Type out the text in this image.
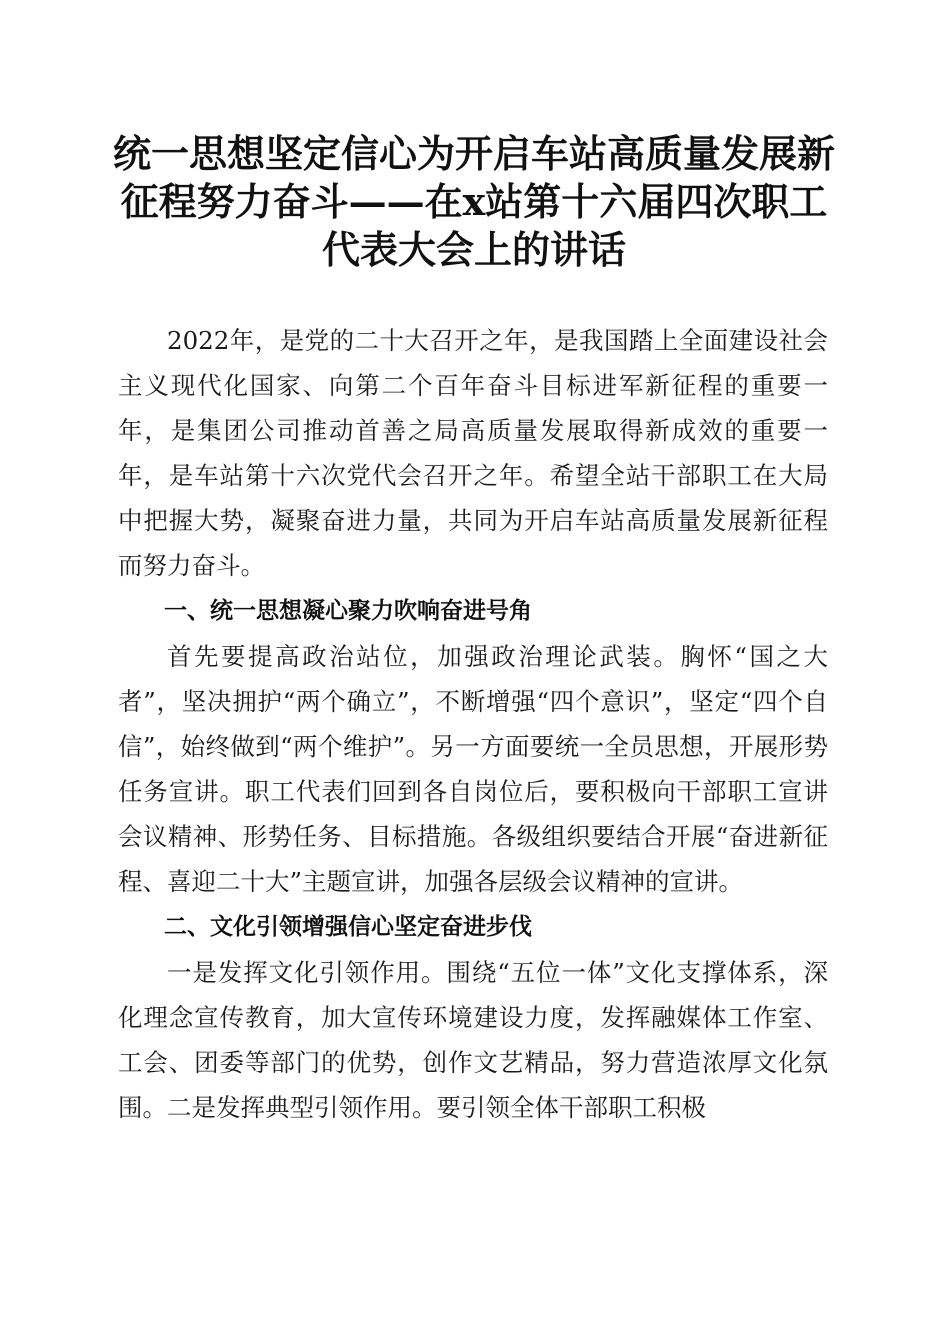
统一思想坚定信心为开启车站高质量发展新征程努力奋斗——在x站第十六届四次职工代表大会上的讲话

2022年，是党的二十大召开之年，是我国踏上全面建设社会主义现代化国家、向第二个百年奋斗目标进军新征程的重要一年，是集团公司推动首善之局高质量发展取得新成效的重要一年，是车站第十六次党代会召开之年。希望全站干部职工在大局中把握大势，凝聚奋进力量，共同为开启车站高质量发展新征程而努力奋斗。

一、统一思想凝心聚力吹响奋进号角

首先要提高政治站位，加强政治理论武装。胸怀“国之大者”，坚决拥护“两个确立”，不断增强“四个意识”，坚定“四个自信”，始终做到“两个维护”。另一方面要统一全员思想，开展形势任务宣讲。职工代表们回到各自岗位后，要积极向干部职工宣讲会议精神、形势任务、目标措施。各级组织要结合开展“奋进新征程、喜迎二十大”主题宣讲，加强各层级会议精神的宣讲。

二、文化引领增强信心坚定奋进步伐

一是发挥文化引领作用。围绕“五位一体”文化支撑体系，深化理念宣传教育，加大宣传环境建设力度，发挥融媒体工作室、工会、团委等部门的优势，创作文艺精品，努力营造浓厚文化氛围。二是发挥典型引领作用。要引领全体干部职工积极
